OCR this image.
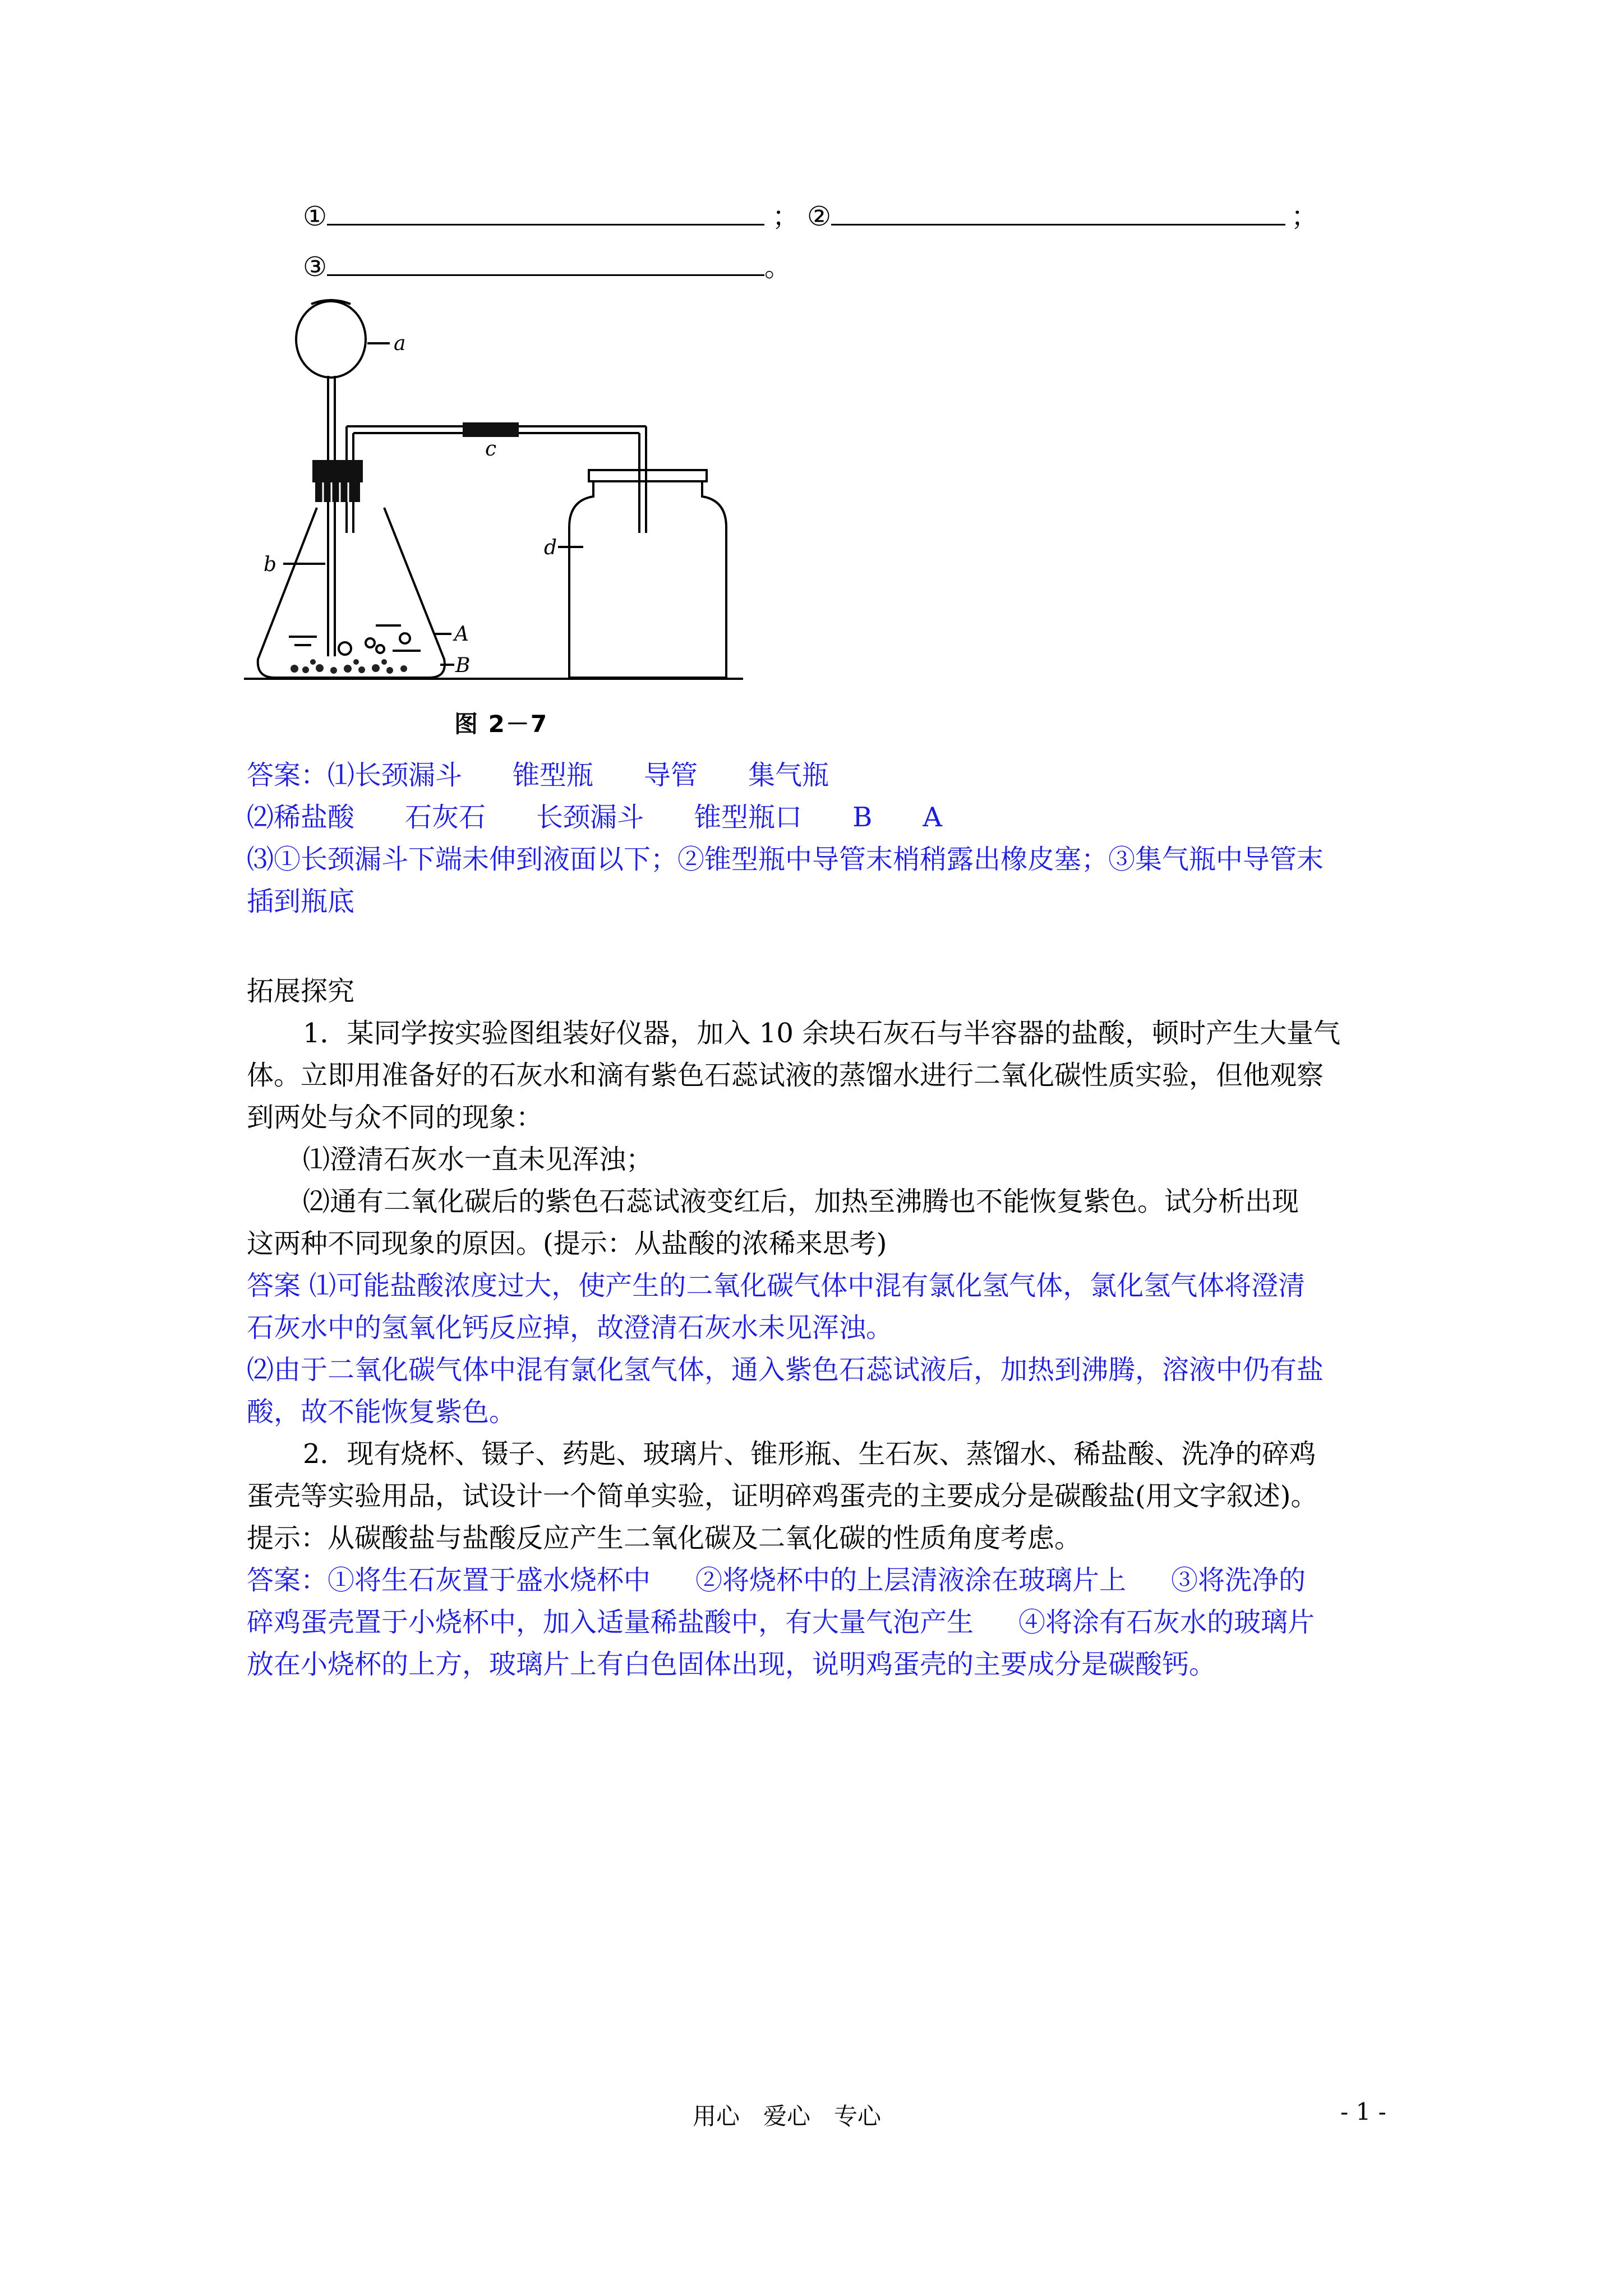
①	； ②	；
③	。
a
b
c
d
A
B
图 2－7
答案：⑴长颈漏斗 锥型瓶 导管 集气瓶
⑵稀盐酸 石灰石 长颈漏斗 锥型瓶口 B A
⑶①长颈漏斗下端未伸到液面以下；②锥型瓶中导管末梢稍露出橡皮塞；③集气瓶中导管末
插到瓶底
拓展探究
1．某同学按实验图组装好仪器，加入 10 余块石灰石与半容器的盐酸，顿时产生大量气
体。立即用准备好的石灰水和滴有紫色石蕊试液的蒸馏水进行二氧化碳性质实验，但他观察
到两处与众不同的现象：
⑴澄清石灰水一直未见浑浊；
⑵通有二氧化碳后的紫色石蕊试液变红后，加热至沸腾也不能恢复紫色。试分析出现
这两种不同现象的原因。(提示：从盐酸的浓稀来思考)
答案 ⑴可能盐酸浓度过大，使产生的二氧化碳气体中混有氯化氢气体，氯化氢气体将澄清
石灰水中的氢氧化钙反应掉，故澄清石灰水未见浑浊。
⑵由于二氧化碳气体中混有氯化氢气体，通入紫色石蕊试液后，加热到沸腾，溶液中仍有盐
酸，故不能恢复紫色。
2．现有烧杯、镊子、药匙、玻璃片、锥形瓶、生石灰、蒸馏水、稀盐酸、洗净的碎鸡
蛋壳等实验用品，试设计一个简单实验，证明碎鸡蛋壳的主要成分是碳酸盐(用文字叙述)。
提示：从碳酸盐与盐酸反应产生二氧化碳及二氧化碳的性质角度考虑。
答案：①将生石灰置于盛水烧杯中 ②将烧杯中的上层清液涂在玻璃片上 ③将洗净的
碎鸡蛋壳置于小烧杯中，加入适量稀盐酸中，有大量气泡产生 ④将涂有石灰水的玻璃片
放在小烧杯的上方，玻璃片上有白色固体出现，说明鸡蛋壳的主要成分是碳酸钙。
用心　爱心　专心	- 1 -
